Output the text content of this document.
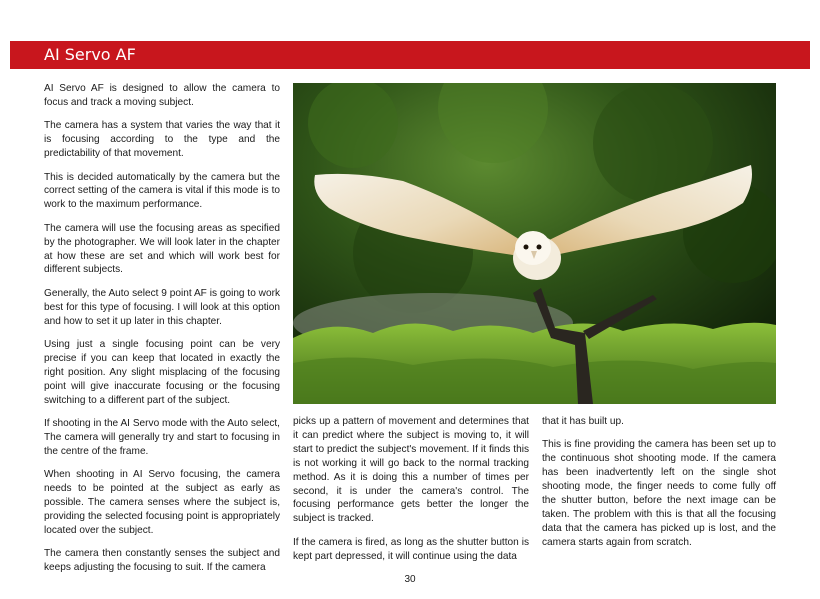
AI Servo AF

AI Servo AF is designed to allow the camera to focus and track a moving subject.

The camera has a system that varies the way that it is focusing according to the type and the predictability of that movement.

This is decided automatically by the camera but the correct setting of the camera is vital if this mode is to work to the maximum performance.

The camera will use the focusing areas as specified by the photographer. We will look later in the chapter at how these are set and which will work best for different subjects.

Generally, the Auto select 9 point AF is going to work best for this type of focusing. I will look at this option and how to set it up later in this chapter.

Using just a single focusing point can be very precise if you can keep that located in exactly the right position. Any slight misplacing of the focusing point will give inaccurate focusing or the focusing switching to a different part of the subject.

If shooting in the AI Servo mode with the Auto select, The camera will generally try and start to focusing in the centre of the frame.

When shooting in AI Servo focusing, the camera needs to be pointed at the subject as early as possible. The camera senses where the subject is, providing the selected focusing point is appropriately located over the subject.

The camera then constantly senses the subject and keeps adjusting the focusing to suit. If the camera

picks up a pattern of movement and determines that it can predict where the subject is moving to, it will start to predict the subject's movement. If it finds this is not working it will go back to the normal tracking method. As it is doing this a number of times per second, it is under the camera's control. The focusing performance gets better the longer the subject is tracked.

If the camera is fired, as long as the shutter button is kept part depressed, it will continue using the data

that it has built up.

This is fine providing the camera has been set up to the continuous shot shooting mode. If the camera has been inadvertently left on the single shot shooting mode, the finger needs to come fully off the shutter button, before the next image can be taken. The problem with this is that all the focusing data that the camera has picked up is lost, and the camera starts again from scratch.

30
